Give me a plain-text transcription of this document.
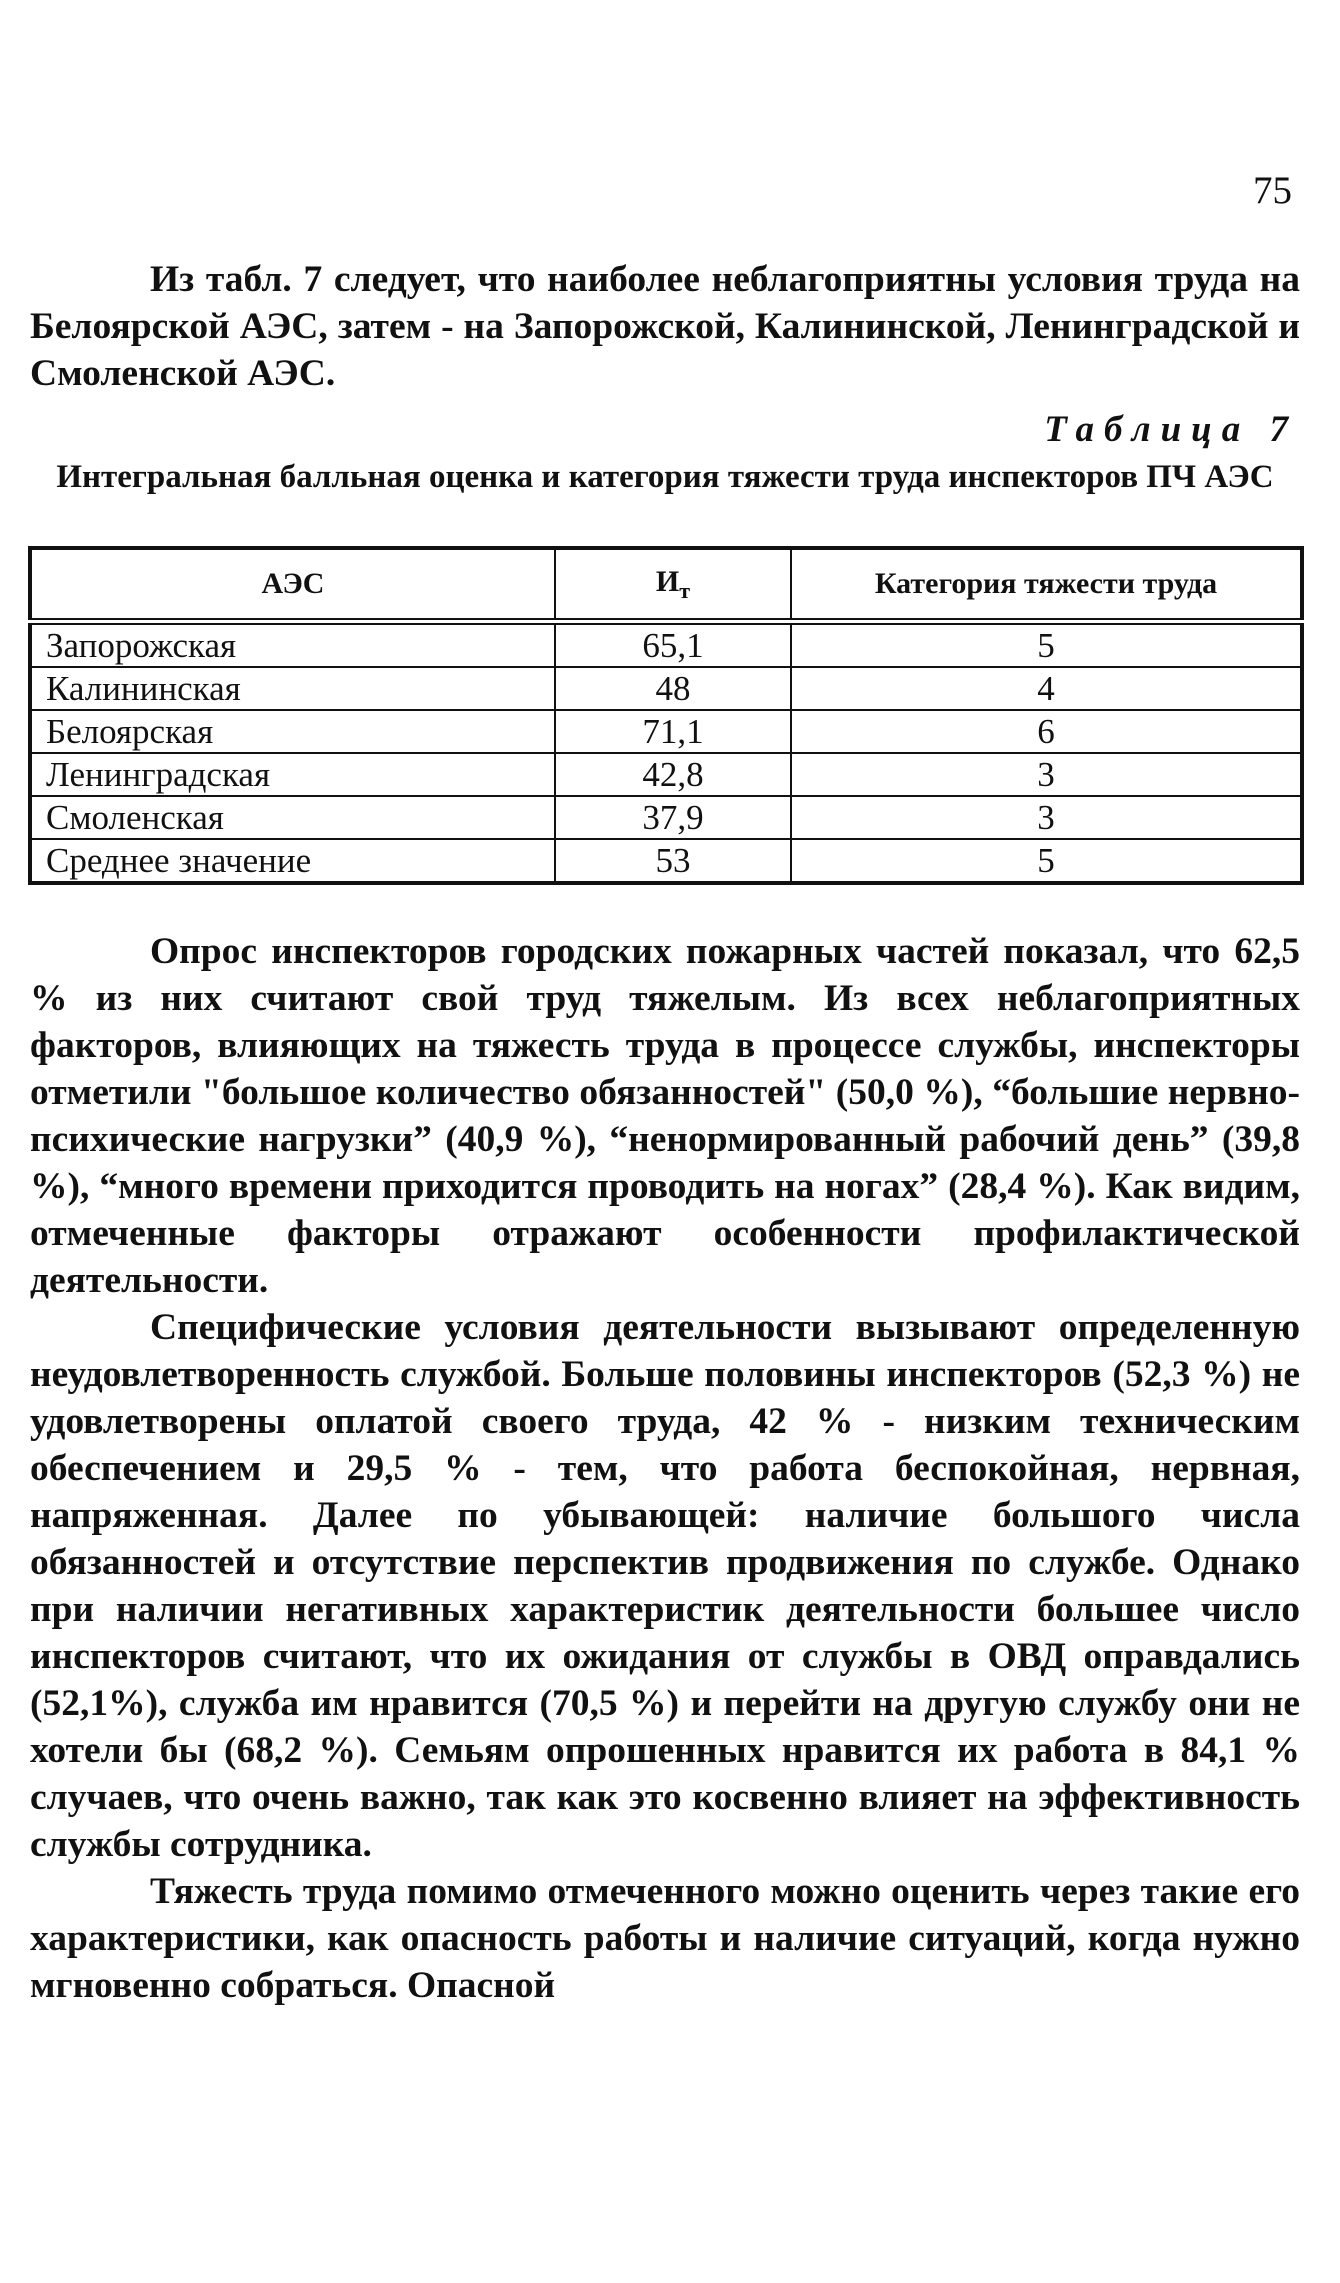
75

Из табл. 7 следует, что наиболее неблагоприятны условия труда на Белоярской АЭС, затем - на Запорожской, Калининской, Ленинградской и Смоленской АЭС.

Таблица 7

Интегральная балльная оценка и категория тяжести труда инспекторов ПЧ АЭС

АЭС	$И_т$	Категория тяжести труда
Запорожская	65,1	5
Калининская	48	4
Белоярская	71,1	6
Ленинградская	42,8	3
Смоленская	37,9	3
Среднее значение	53	5

Опрос инспекторов городских пожарных частей показал, что 62,5 % из них считают свой труд тяжелым. Из всех неблагоприятных факторов, влияющих на тяжесть труда в процессе службы, инспекторы отметили "большое количество обязанностей" (50,0 %), “большие нервно-психические нагрузки” (40,9 %), “ненормированный рабочий день” (39,8 %), “много времени приходится проводить на ногах” (28,4 %). Как видим, отмеченные факторы отражают особенности профилактической деятельности.

Специфические условия деятельности вызывают определенную неудовлетворенность службой. Больше половины инспекторов (52,3 %) не удовлетворены оплатой своего труда, 42 % - низким техническим обеспечением и 29,5 % - тем, что работа беспокойная, нервная, напряженная. Далее по убывающей: наличие большого числа обязанностей и отсутствие перспектив продвижения по службе. Однако при наличии негативных характеристик деятельности большее число инспекторов считают, что их ожидания от службы в ОВД оправдались (52,1%), служба им нравится (70,5 %) и перейти на другую службу они не хотели бы (68,2 %). Семьям опрошенных нравится их работа в 84,1 % случаев, что очень важно, так как это косвенно влияет на эффективность службы сотрудника.

Тяжесть труда помимо отмеченного можно оценить через такие его характеристики, как опасность работы и наличие ситуаций, когда нужно мгновенно собраться. Опасной
